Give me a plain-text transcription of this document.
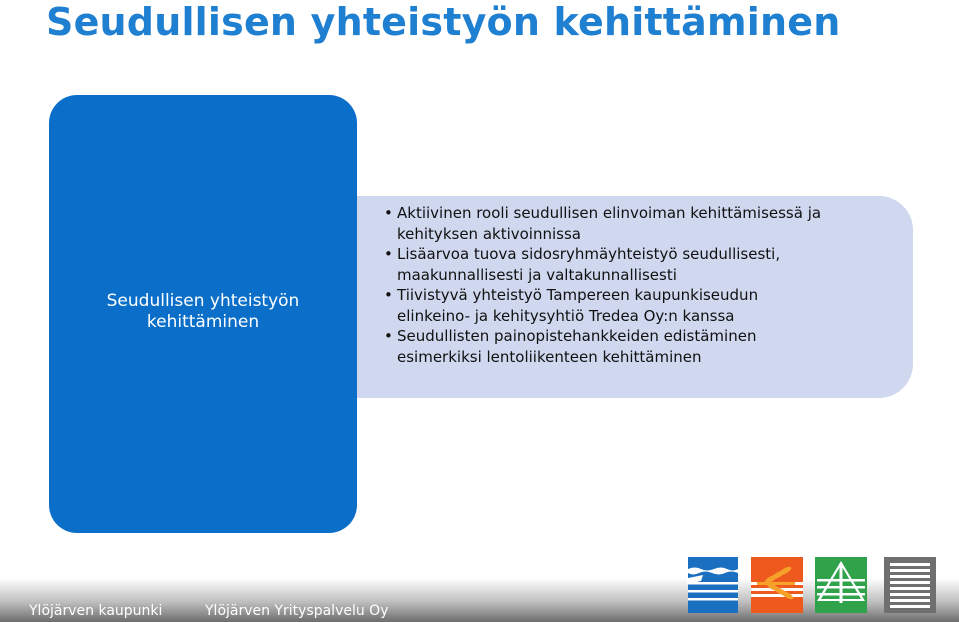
Seudullisen yhteistyön kehittäminen
Seudullisen yhteistyön
kehittäminen
• Aktiivinen rooli seudullisen elinvoiman kehittämisessä ja
kehityksen aktivoinnissa
• Lisäarvoa tuova sidosryhmäyhteistyö seudullisesti,
maakunnallisesti ja valtakunnallisesti
• Tiivistyvä yhteistyö Tampereen kaupunkiseudun
elinkeino- ja kehitysyhtiö Tredea Oy:n kanssa
• Seudullisten painopistehankkeiden edistäminen
esimerkiksi lentoliikenteen kehittäminen
Ylöjärven kaupunki	Ylöjärven Yrityspalvelu Oy
